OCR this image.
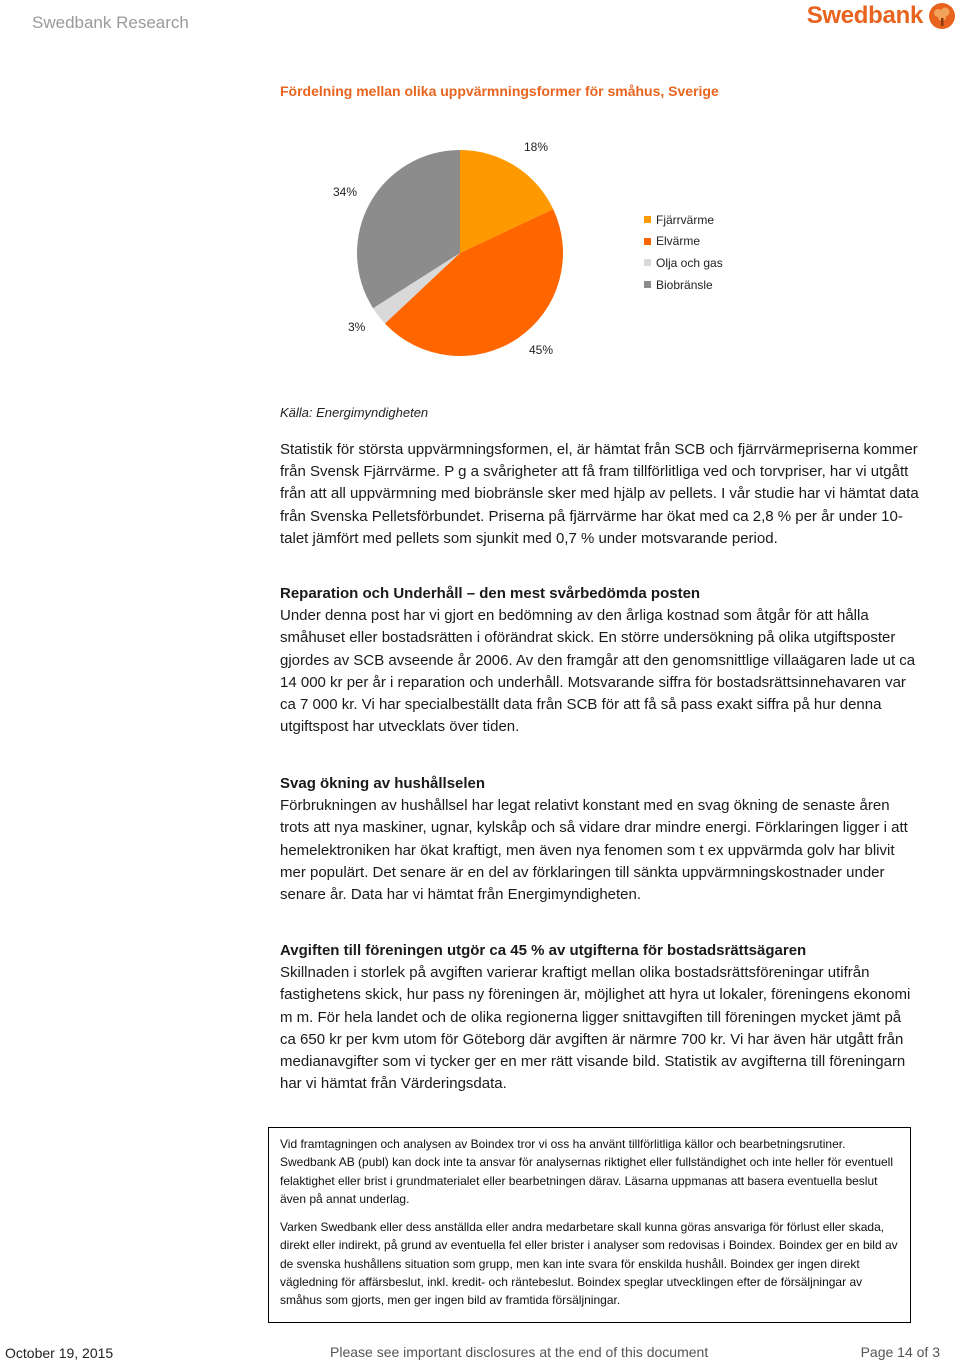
Swedbank Research	Swedbank
Fördelning mellan olika uppvärmningsformer för småhus, Sverige
18%
45%
3%
34%
Fjärrvärme
Elvärme
Olja och gas
Biobränsle
Källa: Energimyndigheten
Statistik för största uppvärmningsformen, el, är hämtat från SCB och fjärrvärmepriserna kommer från Svensk Fjärrvärme. P g a svårigheter att få fram tillförlitliga ved och torvpriser, har vi utgått från att all uppvärmning med biobränsle sker med hjälp av pellets. I vår studie har vi hämtat data från Svenska Pelletsförbundet. Priserna på fjärrvärme har ökat med ca 2,8 % per år under 10-talet jämfört med pellets som sjunkit med 0,7 % under motsvarande period.
Reparation och Underhåll – den mest svårbedömda posten
Under denna post har vi gjort en bedömning av den årliga kostnad som åtgår för att hålla småhuset eller bostadsrätten i oförändrat skick. En större undersökning på olika utgiftsposter gjordes av SCB avseende år 2006. Av den framgår att den genomsnittlige villaägaren lade ut ca 14 000 kr per år i reparation och underhåll. Motsvarande siffra för bostadsrättsinnehavaren var ca 7 000 kr. Vi har specialbeställt data från SCB för att få så pass exakt siffra på hur denna utgiftspost har utvecklats över tiden.
Svag ökning av hushållselen
Förbrukningen av hushållsel har legat relativt konstant med en svag ökning de senaste åren trots att nya maskiner, ugnar, kylskåp och så vidare drar mindre energi. Förklaringen ligger i att hemelektroniken har ökat kraftigt, men även nya fenomen som t ex uppvärmda golv har blivit mer populärt. Det senare är en del av förklaringen till sänkta uppvärmningskostnader under senare år. Data har vi hämtat från Energimyndigheten.
Avgiften till föreningen utgör ca 45 % av utgifterna för bostadsrättsägaren
Skillnaden i storlek på avgiften varierar kraftigt mellan olika bostadsrättsföreningar utifrån fastighetens skick, hur pass ny föreningen är, möjlighet att hyra ut lokaler, föreningens ekonomi m m. För hela landet och de olika regionerna ligger snittavgiften till föreningen mycket jämt på ca 650 kr per kvm utom för Göteborg där avgiften är närmre 700 kr. Vi har även här utgått från medianavgifter som vi tycker ger en mer rätt visande bild. Statistik av avgifterna till föreningarn har vi hämtat från Värderingsdata.

Vid framtagningen och analysen av Boindex tror vi oss ha använt tillförlitliga källor och bearbetningsrutiner. Swedbank AB (publ) kan dock inte ta ansvar för analysernas riktighet eller fullständighet och inte heller för eventuell felaktighet eller brist i grundmaterialet eller bearbetningen därav. Läsarna uppmanas att basera eventuella beslut även på annat underlag.

Varken Swedbank eller dess anställda eller andra medarbetare skall kunna göras ansvariga för förlust eller skada, direkt eller indirekt, på grund av eventuella fel eller brister i analyser som redovisas i Boindex. Boindex ger en bild av de svenska hushållens situation som grupp, men kan inte svara för enskilda hushåll. Boindex ger ingen direkt vägledning för affärsbeslut, inkl. kredit- och räntebeslut. Boindex speglar utvecklingen efter de försäljningar av småhus som gjorts, men ger ingen bild av framtida försäljningar.

October 19, 2015	Please see important disclosures at the end of this document	Page 14 of 3
